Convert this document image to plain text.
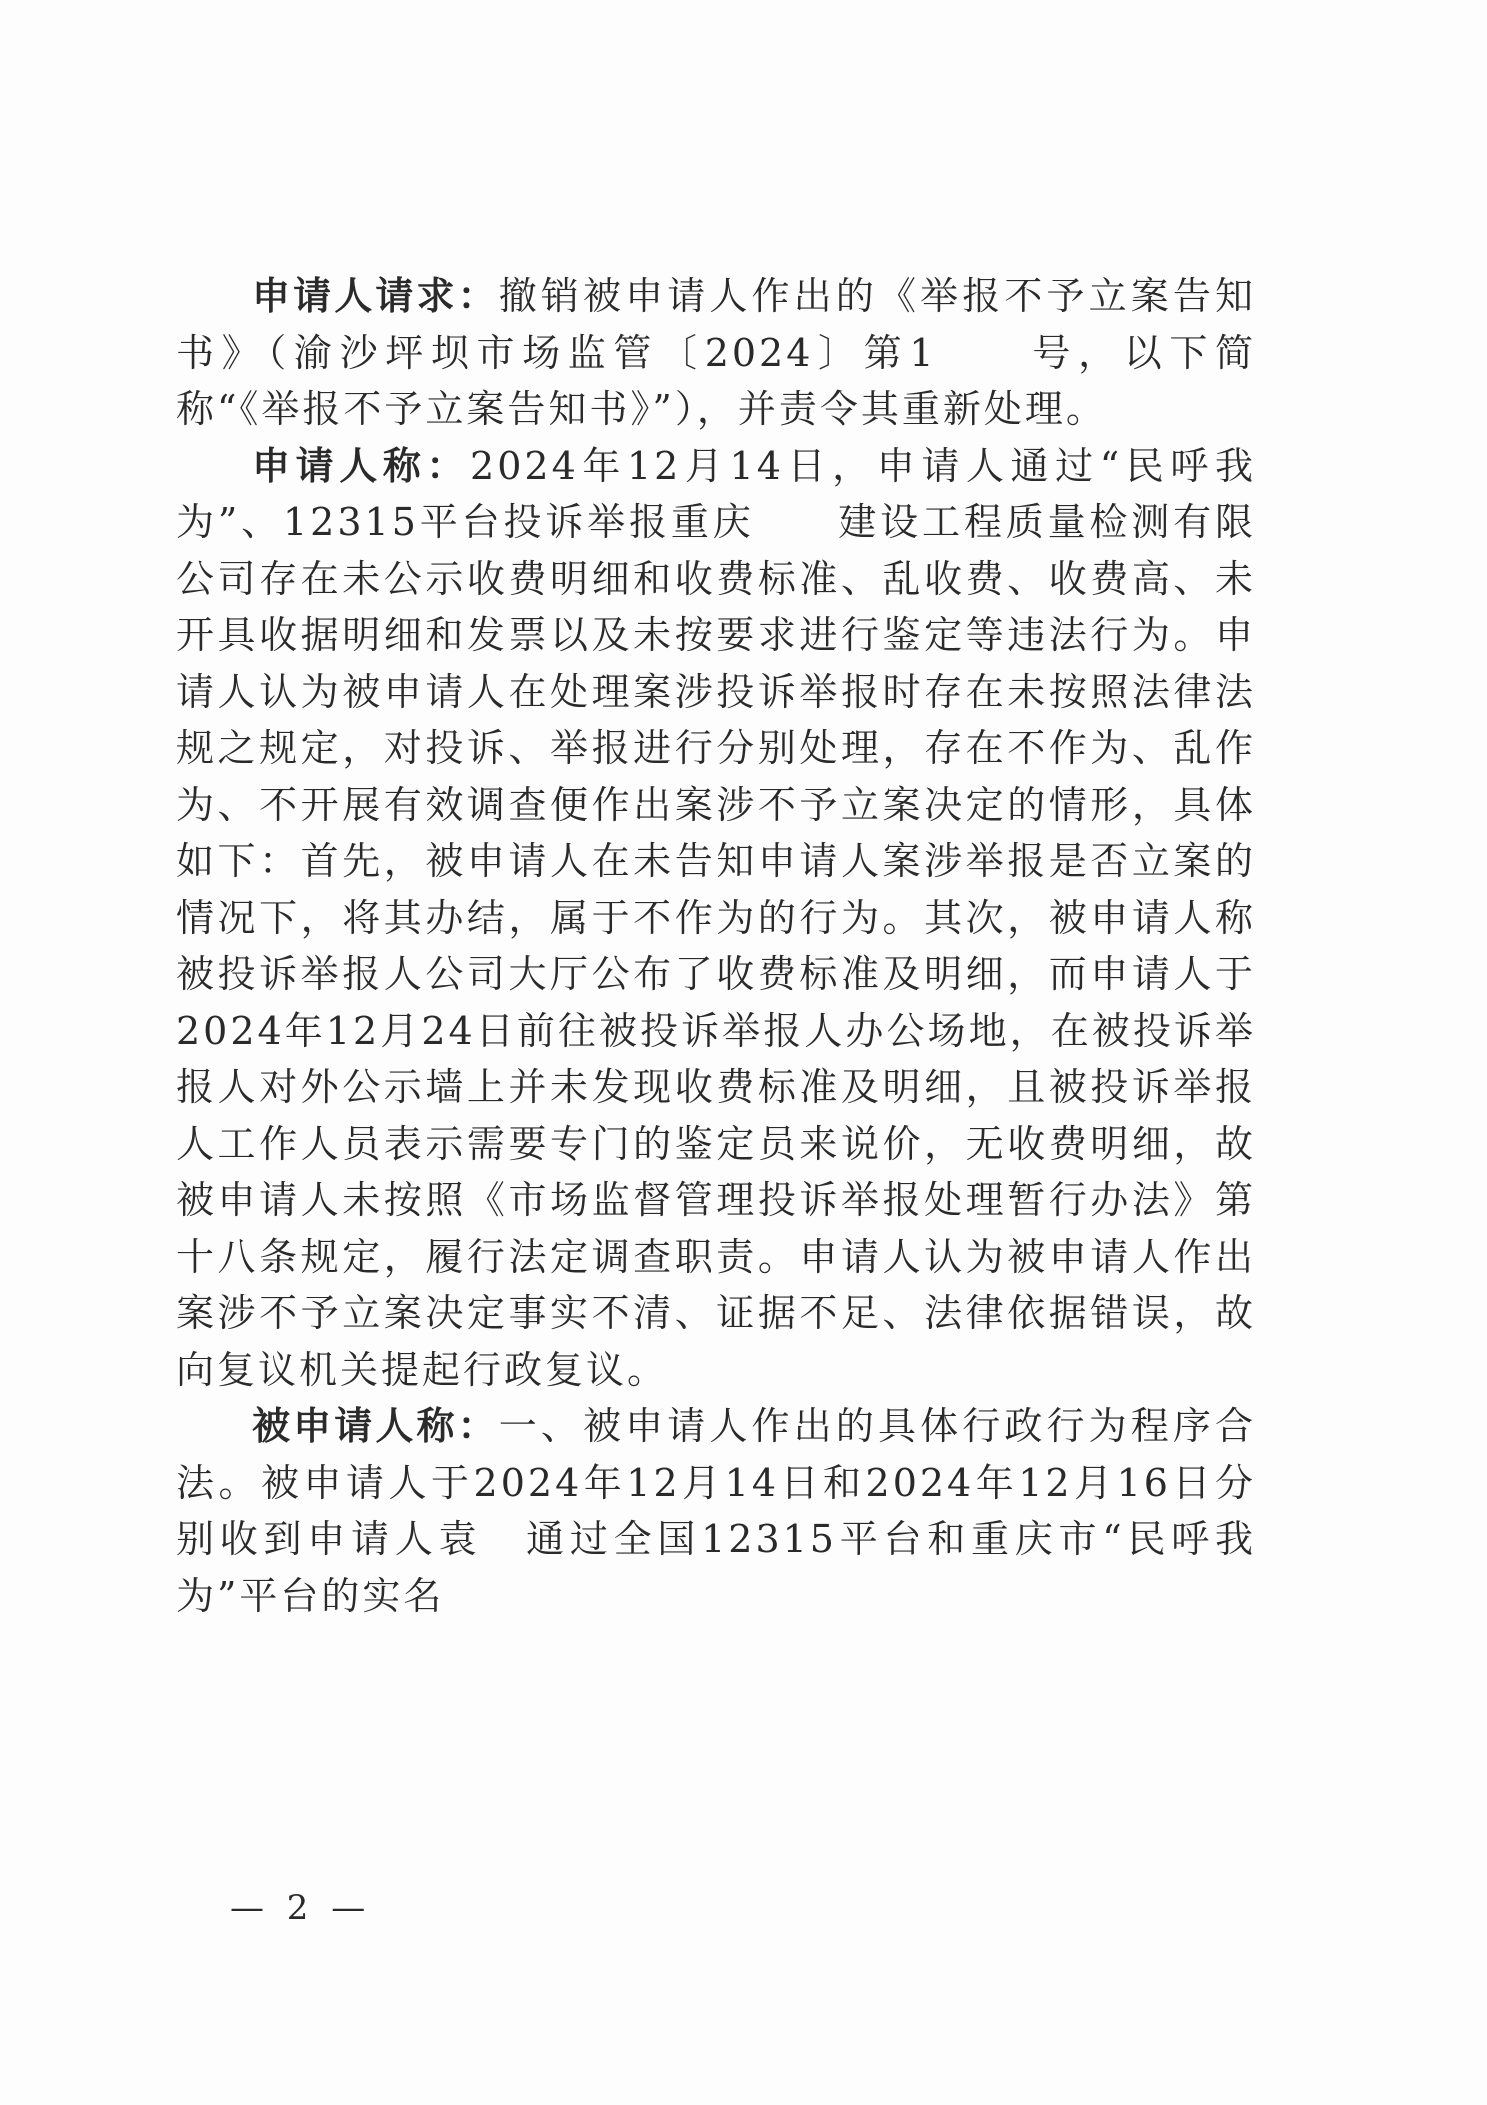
申请人请求：撤销被申请人作出的《举报不予立案告知书》（渝沙坪坝市场监管〔2024〕第1　　号，以下简称“《举报不予立案告知书》”），并责令其重新处理。

申请人称：2024年12月14日，申请人通过“民呼我为”、12315平台投诉举报重庆　　建设工程质量检测有限公司存在未公示收费明细和收费标准、乱收费、收费高、未开具收据明细和发票以及未按要求进行鉴定等违法行为。申请人认为被申请人在处理案涉投诉举报时存在未按照法律法规之规定，对投诉、举报进行分别处理，存在不作为、乱作为、不开展有效调查便作出案涉不予立案决定的情形，具体如下：首先，被申请人在未告知申请人案涉举报是否立案的情况下，将其办结，属于不作为的行为。其次，被申请人称被投诉举报人公司大厅公布了收费标准及明细，而申请人于2024年12月24日前往被投诉举报人办公场地，在被投诉举报人对外公示墙上并未发现收费标准及明细，且被投诉举报人工作人员表示需要专门的鉴定员来说价，无收费明细，故被申请人未按照《市场监督管理投诉举报处理暂行办法》第十八条规定，履行法定调查职责。申请人认为被申请人作出案涉不予立案决定事实不清、证据不足、法律依据错误，故向复议机关提起行政复议。

被申请人称：一、被申请人作出的具体行政行为程序合法。被申请人于2024年12月14日和2024年12月16日分别收到申请人袁　通过全国12315平台和重庆市“民呼我为”平台的实名

— 2 —
